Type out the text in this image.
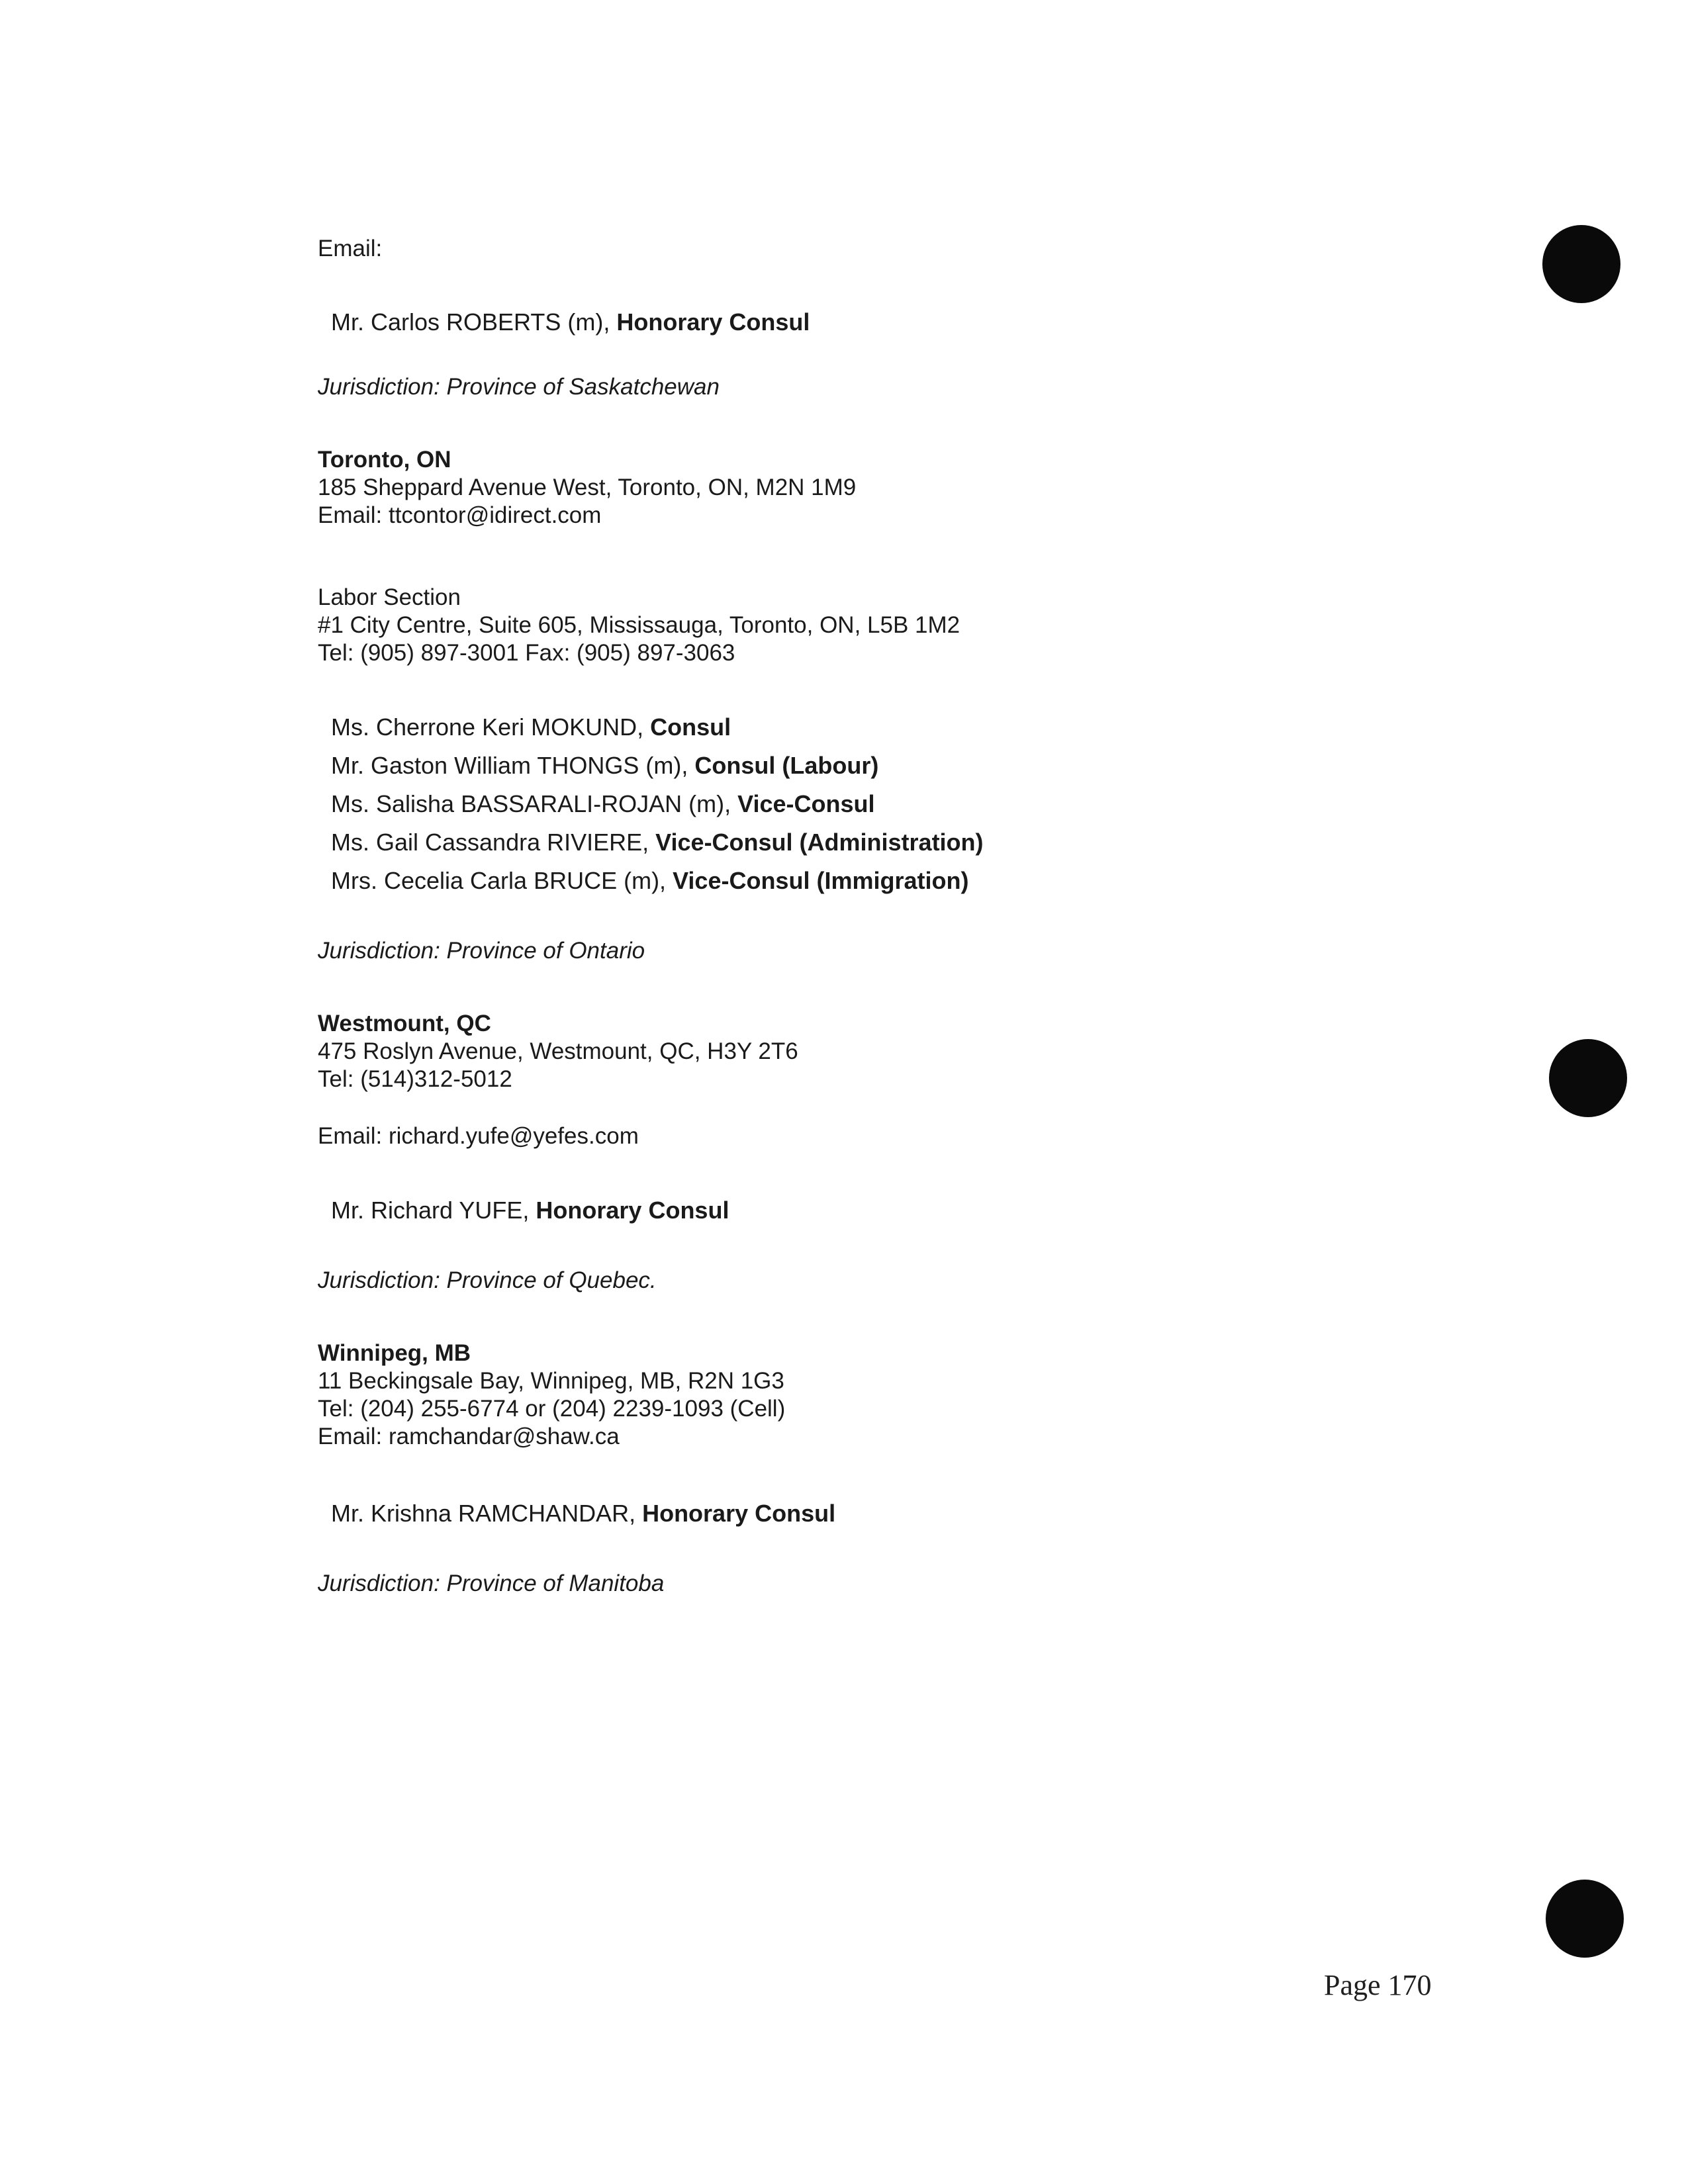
Email:
Mr. Carlos ROBERTS (m), Honorary Consul
Jurisdiction: Province of Saskatchewan
Toronto, ON
185 Sheppard Avenue West, Toronto, ON, M2N 1M9
Email: ttcontor@idirect.com
Labor Section
#1 City Centre, Suite 605, Mississauga, Toronto, ON, L5B 1M2
Tel: (905) 897-3001 Fax: (905) 897-3063
Ms. Cherrone Keri MOKUND, Consul
Mr. Gaston William THONGS (m), Consul (Labour)
Ms. Salisha BASSARALI-ROJAN (m), Vice-Consul
Ms. Gail Cassandra RIVIERE, Vice-Consul (Administration)
Mrs. Cecelia Carla BRUCE (m), Vice-Consul (Immigration)
Jurisdiction: Province of Ontario
Westmount, QC
475 Roslyn Avenue, Westmount, QC, H3Y 2T6
Tel: (514)312-5012
Email: richard.yufe@yefes.com
Mr. Richard YUFE, Honorary Consul
Jurisdiction: Province of Quebec.
Winnipeg, MB
11 Beckingsale Bay, Winnipeg, MB, R2N 1G3
Tel: (204) 255-6774 or (204) 2239-1093 (Cell)
Email: ramchandar@shaw.ca
Mr. Krishna RAMCHANDAR, Honorary Consul
Jurisdiction: Province of Manitoba
Page 170
